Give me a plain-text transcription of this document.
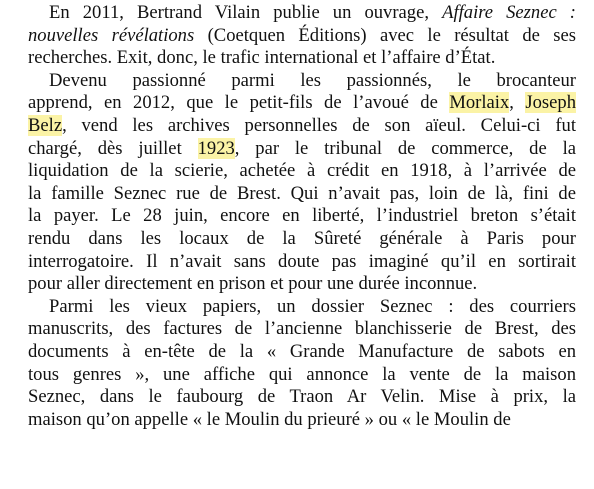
En 2011, Bertrand Vilain publie un ouvrage, Affaire Seznec :
nouvelles révélations (Coetquen Éditions) avec le résultat de ses
recherches. Exit, donc, le trafic international et l’affaire d’État.

Devenu passionné parmi les passionnés, le brocanteur
apprend, en 2012, que le petit-fils de l’avoué de Morlaix, Joseph
Belz, vend les archives personnelles de son aïeul. Celui-ci fut
chargé, dès juillet 1923, par le tribunal de commerce, de la
liquidation de la scierie, achetée à crédit en 1918, à l’arrivée de
la famille Seznec rue de Brest. Qui n’avait pas, loin de là, fini de
la payer. Le 28 juin, encore en liberté, l’industriel breton s’était
rendu dans les locaux de la Sûreté générale à Paris pour
interrogatoire. Il n’avait sans doute pas imaginé qu’il en sortirait
pour aller directement en prison et pour une durée inconnue.

Parmi les vieux papiers, un dossier Seznec : des courriers
manuscrits, des factures de l’ancienne blanchisserie de Brest, des
documents à en-tête de la « Grande Manufacture de sabots en
tous genres », une affiche qui annonce la vente de la maison
Seznec, dans le faubourg de Traon Ar Velin. Mise à prix, la
maison qu’on appelle « le Moulin du prieuré » ou « le Moulin de
